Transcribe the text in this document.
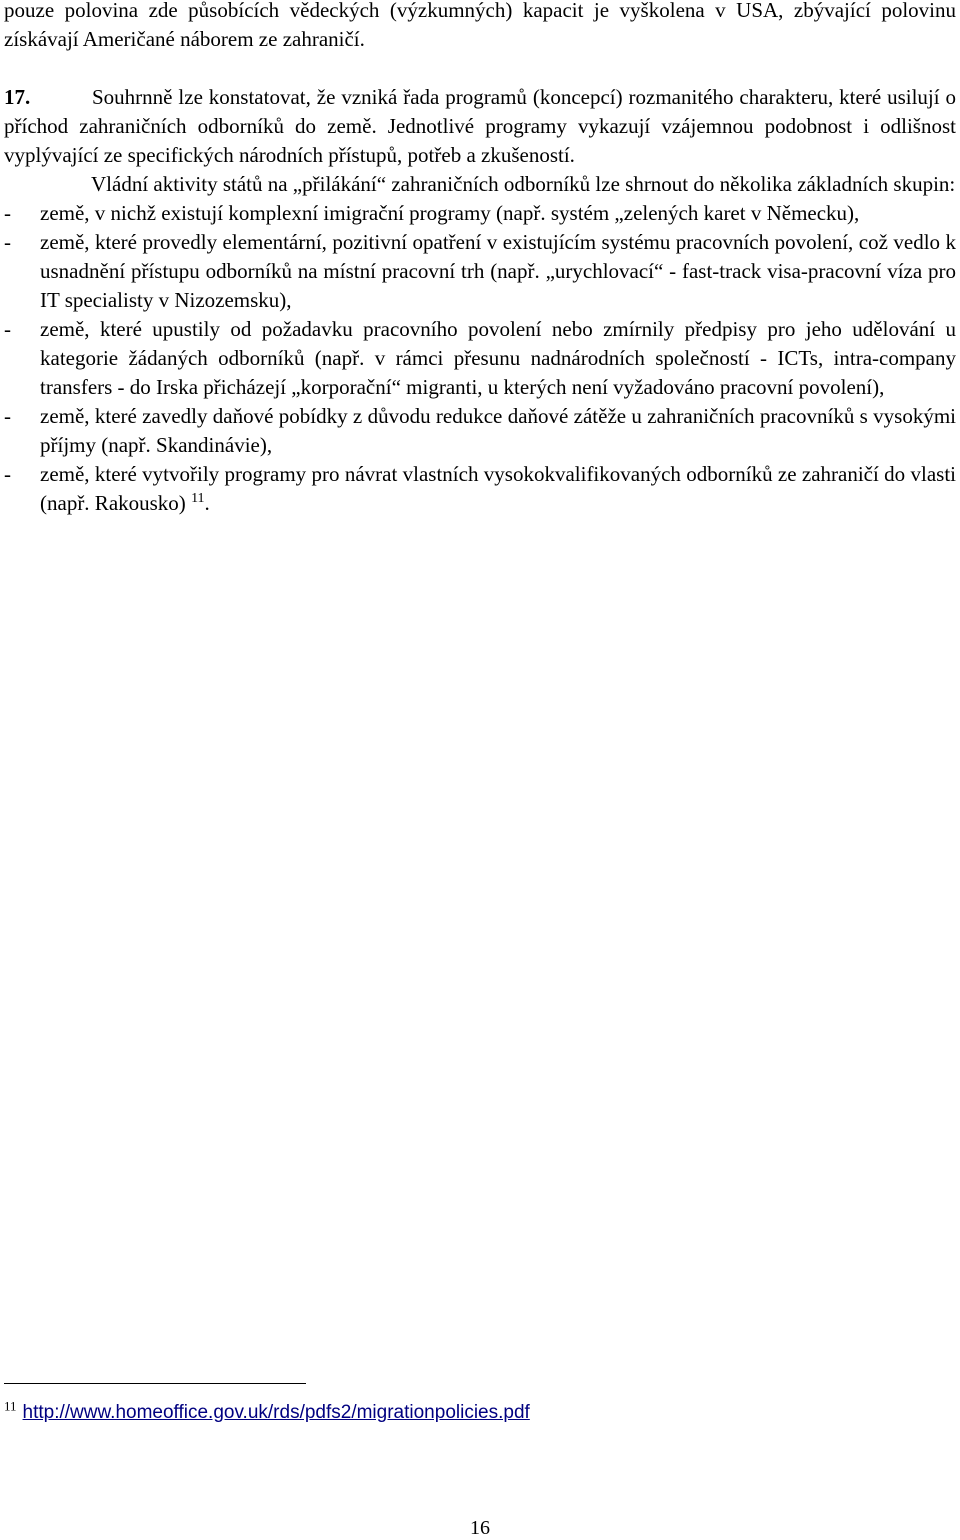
pouze polovina zde působících vědeckých (výzkumných) kapacit je vyškolena v USA, zbývající polovinu získávají Američané náborem ze zahraničí.

17.	Souhrnně lze konstatovat, že vzniká řada programů (koncepcí) rozmanitého charakteru, které usilují o příchod zahraničních odborníků do země. Jednotlivé programy vykazují vzájemnou podobnost i odlišnost vyplývající ze specifických národních přístupů, potřeb a zkušeností.

Vládní aktivity států na „přilákání“ zahraničních odborníků lze shrnout do několika základních skupin:

- země, v nichž existují komplexní imigrační programy (např. systém „zelených karet v Německu),
- země, které provedly elementární, pozitivní opatření v existujícím systému pracovních povolení, což vedlo k usnadnění přístupu odborníků na místní pracovní trh (např. „urychlovací“ - fast-track visa-pracovní víza pro IT specialisty v Nizozemsku),
- země, které upustily od požadavku pracovního povolení nebo zmírnily předpisy pro jeho udělování u kategorie žádaných odborníků (např. v rámci přesunu nadnárodních společností - ICTs, intra-company transfers - do Irska přicházejí „korporační“ migranti, u kterých není vyžadováno pracovní povolení),
- země, které zavedly daňové pobídky z důvodu redukce daňové zátěže u zahraničních pracovníků s vysokými příjmy (např. Skandinávie),
- země, které vytvořily programy pro návrat vlastních vysokokvalifikovaných odborníků ze zahraničí do vlasti (např. Rakousko) $^{11}$.
$^{11}$ http://www.homeoffice.gov.uk/rds/pdfs2/migrationpolicies.pdf
16
